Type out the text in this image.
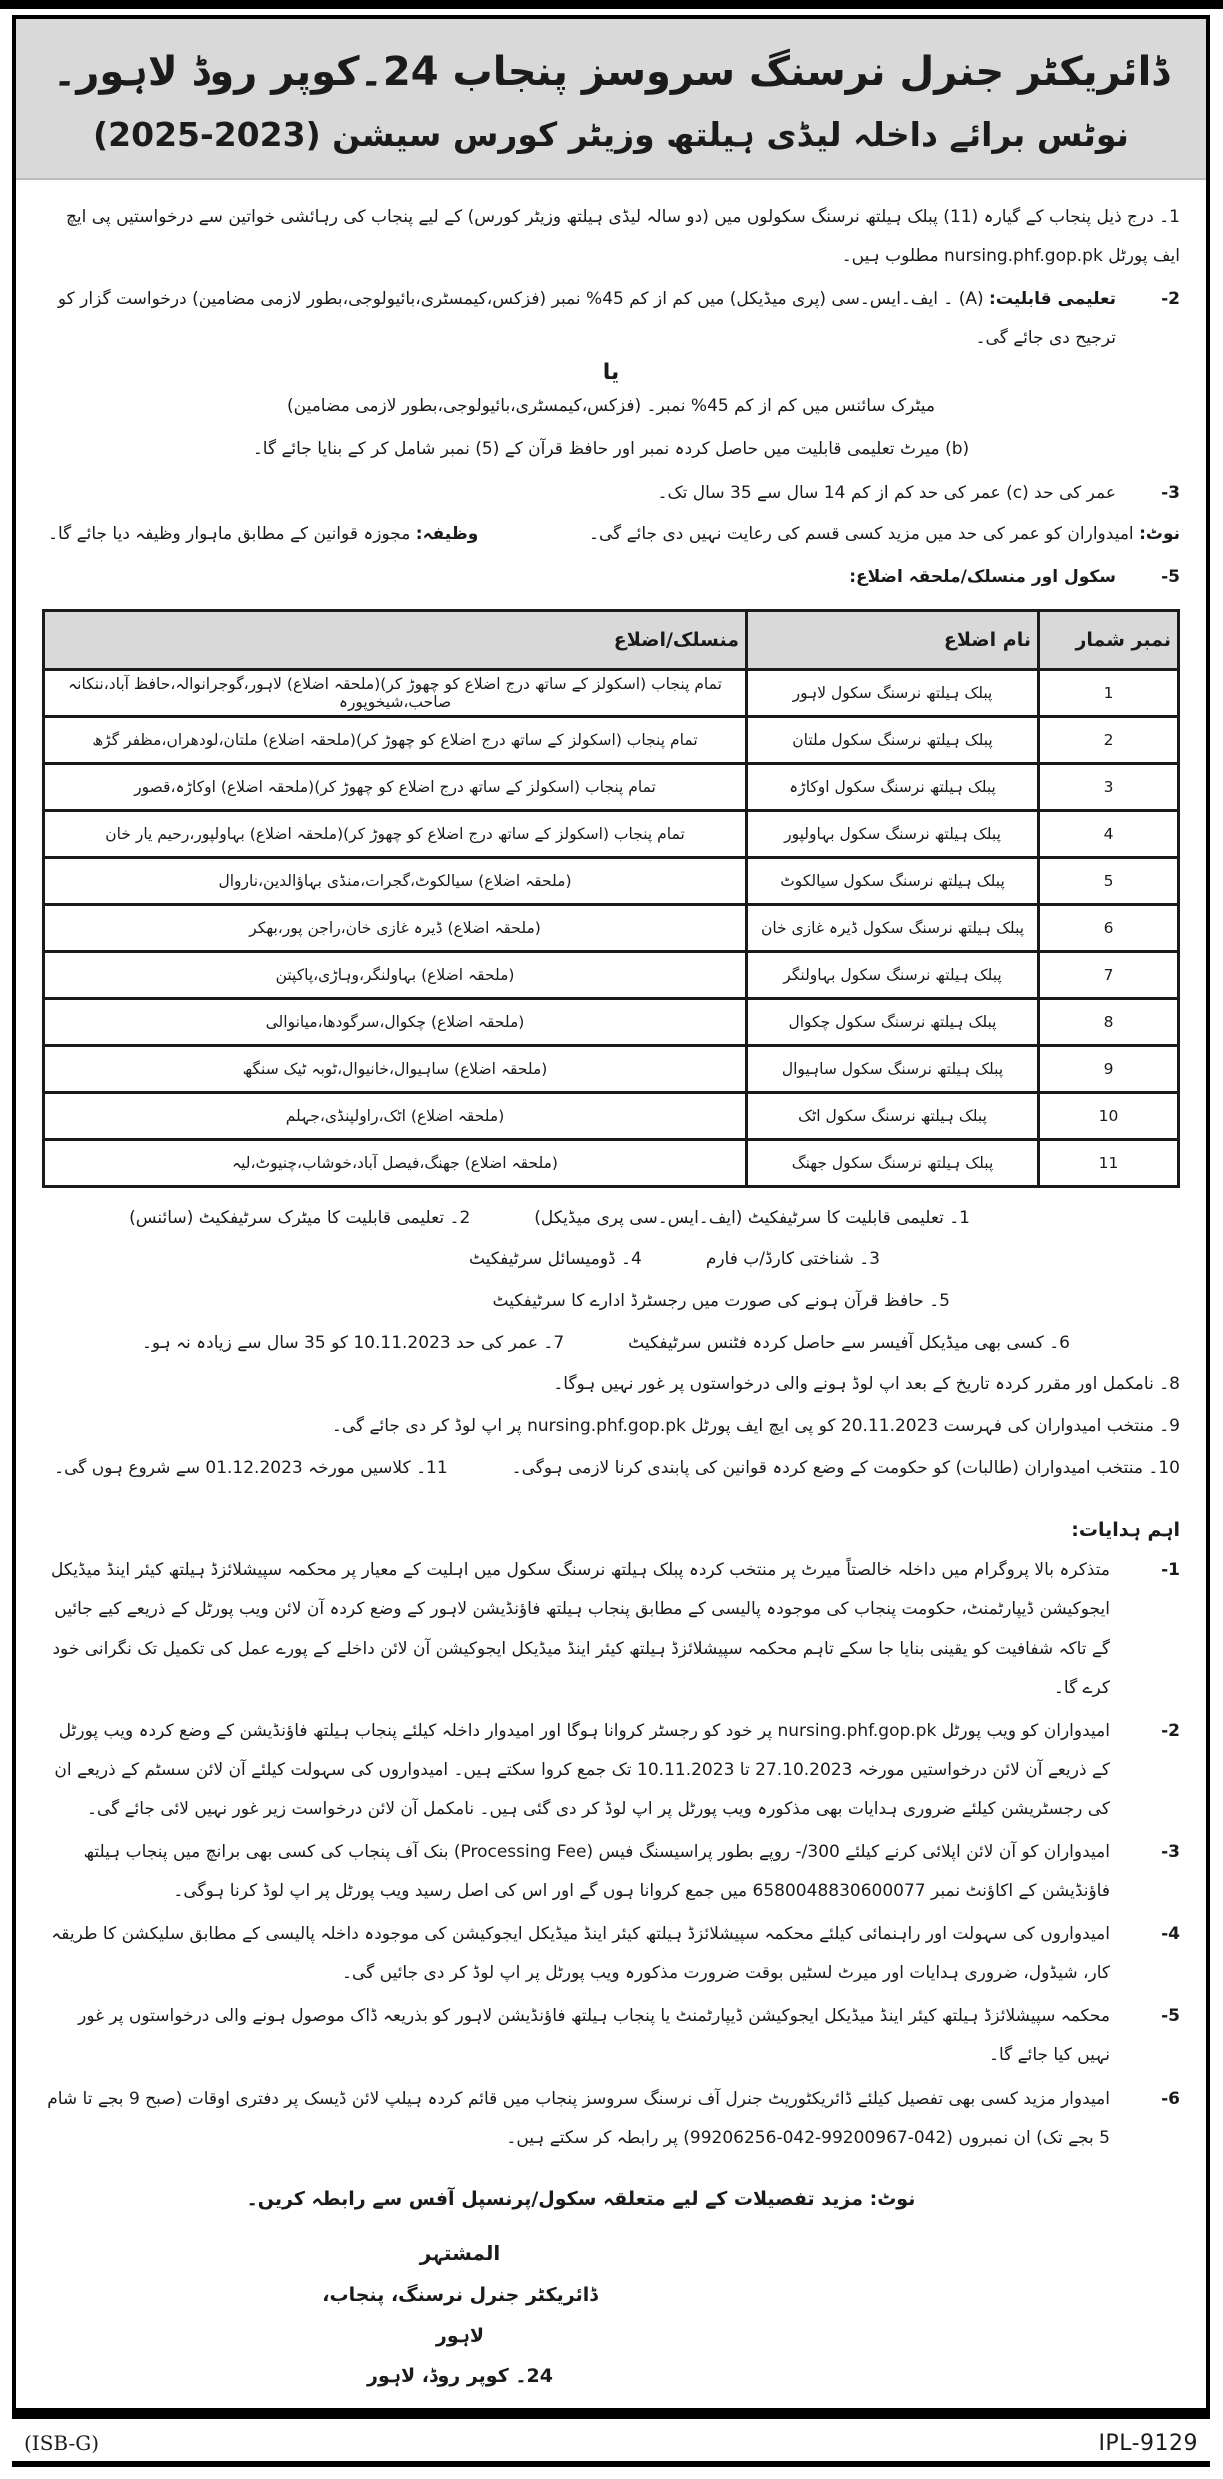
ڈائریکٹر جنرل نرسنگ سروسز پنجاب 24۔کوپر روڈ لاہور۔
نوٹس برائے داخلہ لیڈی ہیلتھ وزیٹر کورس سیشن (2023-2025)
1۔ درج ذیل پنجاب کے گیارہ (11) پبلک ہیلتھ نرسنگ سکولوں میں (دو سالہ لیڈی ہیلتھ وزیٹر کورس) کے لیے پنجاب کی رہائشی خواتین سے درخواستیں پی ایچ ایف پورٹل nursing.phf.gop.pk مطلوب ہیں۔
-2
تعلیمی قابلیت: (A) ۔ ایف۔ایس۔سی (پری میڈیکل) میں کم از کم 45% نمبر (فزکس،کیمسٹری،بائیولوجی،بطور لازمی مضامین) درخواست گزار کو ترجیح دی جائے گی۔
یا
میٹرک سائنس میں کم از کم 45% نمبر۔ (فزکس،کیمسٹری،بائیولوجی،بطور لازمی مضامین)
(b) میرٹ تعلیمی قابلیت میں حاصل کردہ نمبر اور حافظ قرآن کے (5) نمبر شامل کر کے بنایا جائے گا۔
-3
عمر کی حد (c) عمر کی حد کم از کم 14 سال سے 35 سال تک۔
نوٹ: امیدواران کو عمر کی حد میں مزید کسی قسم کی رعایت نہیں دی جائے گی۔
وظیفہ: مجوزہ قوانین کے مطابق ماہوار وظیفہ دیا جائے گا۔
-5
سکول اور منسلک/ملحقہ اضلاع:
نمبر شمار	نام اضلاع	منسلک/اضلاع
1	پبلک ہیلتھ نرسنگ سکول لاہور	تمام پنجاب (اسکولز کے ساتھ درج اضلاع کو چھوڑ کر)(ملحقہ اضلاع) لاہور،گوجرانوالہ،حافظ آباد،ننکانہ صاحب،شیخوپورہ
2	پبلک ہیلتھ نرسنگ سکول ملتان	تمام پنجاب (اسکولز کے ساتھ درج اضلاع کو چھوڑ کر)(ملحقہ اضلاع) ملتان،لودھراں،مظفر گڑھ
3	پبلک ہیلتھ نرسنگ سکول اوکاڑہ	تمام پنجاب (اسکولز کے ساتھ درج اضلاع کو چھوڑ کر)(ملحقہ اضلاع) اوکاڑہ،قصور
4	پبلک ہیلتھ نرسنگ سکول بہاولپور	تمام پنجاب (اسکولز کے ساتھ درج اضلاع کو چھوڑ کر)(ملحقہ اضلاع) بہاولپور،رحیم یار خان
5	پبلک ہیلتھ نرسنگ سکول سیالکوٹ	(ملحقہ اضلاع) سیالکوٹ،گجرات،منڈی بہاؤالدین،ناروال
6	پبلک ہیلتھ نرسنگ سکول ڈیرہ غازی خان	(ملحقہ اضلاع) ڈیرہ غازی خان،راجن پور،بھکر
7	پبلک ہیلتھ نرسنگ سکول بہاولنگر	(ملحقہ اضلاع) بہاولنگر،وہاڑی،پاکپتن
8	پبلک ہیلتھ نرسنگ سکول چکوال	(ملحقہ اضلاع) چکوال،سرگودھا،میانوالی
9	پبلک ہیلتھ نرسنگ سکول ساہیوال	(ملحقہ اضلاع) ساہیوال،خانیوال،ٹوبہ ٹیک سنگھ
10	پبلک ہیلتھ نرسنگ سکول اٹک	(ملحقہ اضلاع) اٹک،راولپنڈی،جہلم
11	پبلک ہیلتھ نرسنگ سکول جھنگ	(ملحقہ اضلاع) جھنگ،فیصل آباد،خوشاب،چنیوٹ،لیہ
1۔ تعلیمی قابلیت کا سرٹیفکیٹ (ایف۔ایس۔سی پری میڈیکل)2۔ تعلیمی قابلیت کا میٹرک سرٹیفکیٹ (سائنس)
3۔ شناختی کارڈ/ب فارم4۔ ڈومیسائل سرٹیفکیٹ
5۔ حافظ قرآن ہونے کی صورت میں رجسٹرڈ ادارے کا سرٹیفکیٹ
6۔ کسی بھی میڈیکل آفیسر سے حاصل کردہ فٹنس سرٹیفکیٹ7۔ عمر کی حد 10.11.2023 کو 35 سال سے زیادہ نہ ہو۔
8۔ نامکمل اور مقرر کردہ تاریخ کے بعد اپ لوڈ ہونے والی درخواستوں پر غور نہیں ہوگا۔
9۔ منتخب امیدواران کی فہرست 20.11.2023 کو پی ایچ ایف پورٹل nursing.phf.gop.pk پر اپ لوڈ کر دی جائے گی۔
10۔ منتخب امیدواران (طالبات) کو حکومت کے وضع کردہ قوانین کی پابندی کرنا لازمی ہوگی۔11۔ کلاسیں مورخہ 01.12.2023 سے شروع ہوں گی۔
اہم ہدایات:
-1
متذکرہ بالا پروگرام میں داخلہ خالصتاً میرٹ پر منتخب کردہ پبلک ہیلتھ نرسنگ سکول میں اہلیت کے معیار پر محکمہ سپیشلائزڈ ہیلتھ کیئر اینڈ میڈیکل ایجوکیشن ڈیپارٹمنٹ، حکومت پنجاب کی موجودہ پالیسی کے مطابق پنجاب ہیلتھ فاؤنڈیشن لاہور کے وضع کردہ آن لائن ویب پورٹل کے ذریعے کیے جائیں گے تاکہ شفافیت کو یقینی بنایا جا سکے تاہم محکمہ سپیشلائزڈ ہیلتھ کیئر اینڈ میڈیکل ایجوکیشن آن لائن داخلے کے پورے عمل کی تکمیل تک نگرانی خود کرے گا۔
-2
امیدواران کو ویب پورٹل nursing.phf.gop.pk پر خود کو رجسٹر کروانا ہوگا اور امیدوار داخلہ کیلئے پنجاب ہیلتھ فاؤنڈیشن کے وضع کردہ ویب پورٹل کے ذریعے آن لائن درخواستیں مورخہ 27.10.2023 تا 10.11.2023 تک جمع کروا سکتے ہیں۔ امیدواروں کی سہولت کیلئے آن لائن سسٹم کے ذریعے ان کی رجسٹریشن کیلئے ضروری ہدایات بھی مذکورہ ویب پورٹل پر اپ لوڈ کر دی گئی ہیں۔ نامکمل آن لائن درخواست زیر غور نہیں لائی جائے گی۔
-3
امیدواران کو آن لائن اپلائی کرنے کیلئے 300/- روپے بطور پراسیسنگ فیس (Processing Fee) بنک آف پنجاب کی کسی بھی برانچ میں پنجاب ہیلتھ فاؤنڈیشن کے اکاؤنٹ نمبر 6580048830600077 میں جمع کروانا ہوں گے اور اس کی اصل رسید ویب پورٹل پر اپ لوڈ کرنا ہوگی۔
-4
امیدواروں کی سہولت اور راہنمائی کیلئے محکمہ سپیشلائزڈ ہیلتھ کیئر اینڈ میڈیکل ایجوکیشن کی موجودہ داخلہ پالیسی کے مطابق سلیکشن کا طریقہ کار، شیڈول، ضروری ہدایات اور میرٹ لسٹیں بوقت ضرورت مذکورہ ویب پورٹل پر اپ لوڈ کر دی جائیں گی۔
-5
محکمہ سپیشلائزڈ ہیلتھ کیئر اینڈ میڈیکل ایجوکیشن ڈیپارٹمنٹ یا پنجاب ہیلتھ فاؤنڈیشن لاہور کو بذریعہ ڈاک موصول ہونے والی درخواستوں پر غور نہیں کیا جائے گا۔
-6
امیدوار مزید کسی بھی تفصیل کیلئے ڈائریکٹوریٹ جنرل آف نرسنگ سروسز پنجاب میں قائم کردہ ہیلپ لائن ڈیسک پر دفتری اوقات (صبح 9 بجے تا شام 5 بجے تک) ان نمبروں (042-99200967-042-99206256) پر رابطہ کر سکتے ہیں۔
نوٹ: مزید تفصیلات کے لیے متعلقہ سکول/پرنسپل آفس سے رابطہ کریں۔
المشتہر
ڈائریکٹر جنرل نرسنگ، پنجاب، لاہور
24۔ کوپر روڈ، لاہور
(ISB-G)	IPL-9129
